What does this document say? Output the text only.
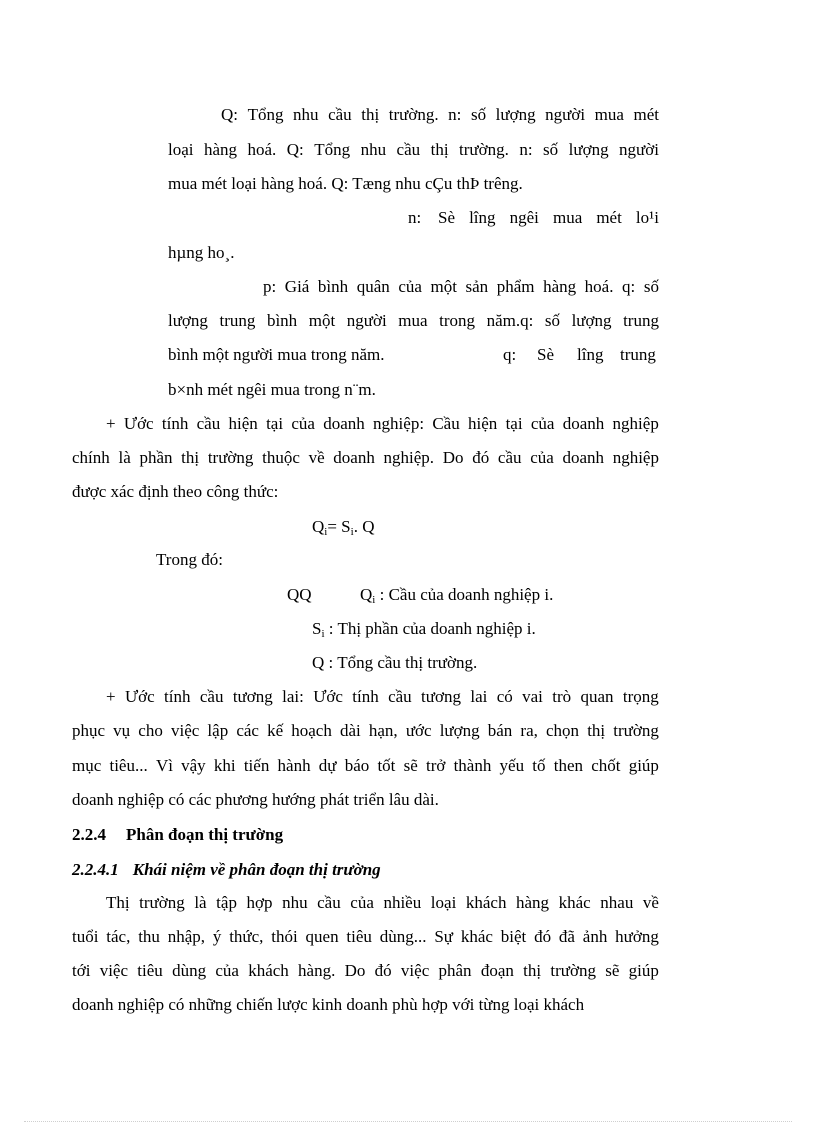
Q: Tổng nhu cầu thị trường. n: số lượng người mua mét
loại hàng hoá. Q: Tổng nhu cầu thị trường. n: số lượng người
mua mét loại hàng hoá. Q: Tæng nhu cÇu thÞ trêng.
n: Sè lîng ngêi mua mét lo¹i
hµng ho¸.
p: Giá bình quân của một sản phẩm hàng hoá. q: số
lượng trung bình một người mua trong năm.q: số lượng trung
bình một người mua trong năm.	q: Sè lîng trung
b×nh mét ngêi mua trong n¨m.
+ Ước tính cầu hiện tại của doanh nghiệp: Cầu hiện tại của doanh nghiệp
chính là phần thị trường thuộc về doanh nghiệp. Do đó cầu của doanh nghiệp
được xác định theo công thức:
$Q_i= S_i$. Q
Trong đó:
QQ	$Q_i$ : Cầu của doanh nghiệp i.
$S_i$ : Thị phần của doanh nghiệp i.
Q : Tổng cầu thị trường.
+ Ước tính cầu tương lai: Ước tính cầu tương lai có vai trò quan trọng
phục vụ cho việc lập các kế hoạch dài hạn, ước lượng bán ra, chọn thị trường
mục tiêu... Vì vậy khi tiến hành dự báo tốt sẽ trở thành yếu tố then chốt giúp
doanh nghiệp có các phương hướng phát triển lâu dài.
2.2.4 Phân đoạn thị trường
2.2.4.1 Khái niệm về phân đoạn thị trường
Thị trường là tập hợp nhu cầu của nhiều loại khách hàng khác nhau về
tuổi tác, thu nhập, ý thức, thói quen tiêu dùng... Sự khác biệt đó đã ảnh hưởng
tới việc tiêu dùng của khách hàng. Do đó việc phân đoạn thị trường sẽ giúp
doanh nghiệp có những chiến lược kinh doanh phù hợp với từng loại khách
